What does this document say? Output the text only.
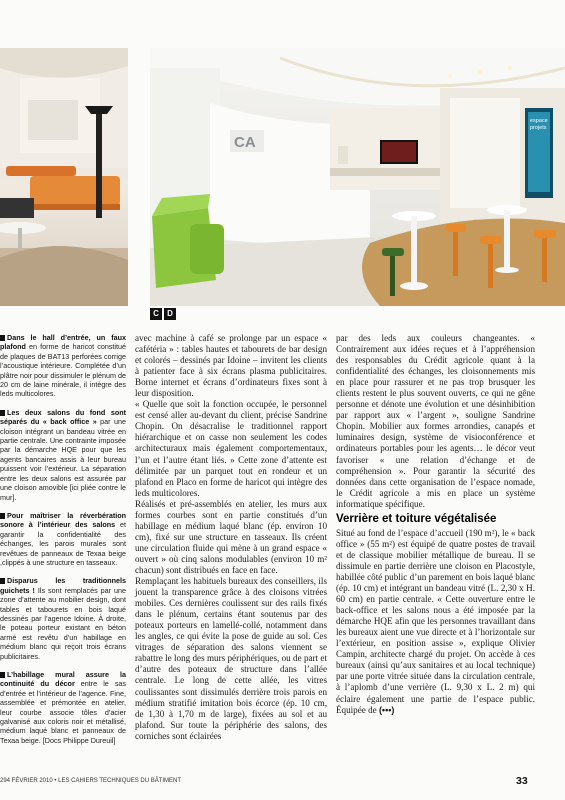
CA
espace
projets
C	D
Dans le hall d’entrée, un faux plafond en forme de haricot constitué de plaques de BAT13 perforées corrige l’acoustique intérieure. Complétée d’un plâtre noir pour dissimuler le plénum de 20 cm de laine minérale, il intègre des leds multicolores.
Les deux salons du fond sont séparés du « back office » par une cloison intégrant un bandeau vitrée en partie centrale. Une contrainte imposée par la démarche HQE pour que les agents bancaires assis à leur bureau puissent voir l’extérieur. La séparation entre les deux salons est assurée par une cloison amovible [ici pliée contre le mur].
Pour maîtriser la réverbération sonore à l’intérieur des salons et garantir la confidentialité des échanges, les parois murales sont revêtues de panneaux de Texaa beige ,clippés à une structure en tasseaux.
Disparus les traditionnels guichets ! Ils sont remplacés par une zone d’attente au mobilier design, dont tables et tabourets en bois laqué dessinés par l’agence Idoine. À droite, le poteau porteur existant en béton armé est revêtu d’un habillage en médium blanc qui reçoit trois écrans publicitaires.
L’habillage mural assure la continuité du décor entre le sas d’entrée et l’intérieur de l’agence. Fine, assemblée et prémontée en atelier, leur courbe associe tôles d’acier galvanisé aux coloris noir et métallisé, médium laqué blanc et panneaux de Texaa beige. [Docs Philippe Dureuil]

avec machine à café se prolonge par un espace « cafétéria » : tables hautes et tabourets de bar design et colorés – dessinés par Idoine – invitent les clients à patienter face à six écrans plasma publicitaires. Borne internet et écrans d’ordinateurs fixes sont à leur disposition.

« Quelle que soit la fonction occupée, le personnel est censé aller au-devant du client, précise Sandrine Chopin. On désacralise le traditionnel rapport hiérarchique et on casse non seulement les codes architecturaux mais également comportementaux, l’un et l’autre étant liés. » Cette zone d’attente est délimitée par un parquet tout en rondeur et un plafond en Placo en forme de haricot qui intègre des leds multicolores.

Réalisés et pré-assemblés en atelier, les murs aux formes courbes sont en partie constitués d’un habillage en médium laqué blanc (ép. environ 10 cm), fixé sur une structure en tasseaux. Ils créent une circulation fluide qui mène à un grand espace « ouvert » où cinq salons modulables (environ 10 m² chacun) sont distribués en face en face.

Remplaçant les habituels bureaux des conseillers, ils jouent la transparence grâce à des cloisons vitrées mobiles. Ces dernières coulissent sur des rails fixés dans le plénum, certains étant soutenus par des poteaux porteurs en lamellé-collé, notamment dans les angles, ce qui évite la pose de guide au sol. Ces vitrages de séparation des salons viennent se rabattre le long des murs périphériques, ou de part et d’autre des poteaux de structure dans l’allée centrale. Le long de cette allée, les vitres coulissantes sont dissimulés derrière trois parois en médium stratifié imitation bois écorce (ép. 10 cm, de 1,30 à 1,70 m de large), fixées au sol et au plafond. Sur toute la périphérie des salons, des corniches sont éclairées

par des leds aux couleurs changeantes. « Contrairement aux idées reçues et à l’appréhension des responsables du Crédit agricole quant à la confidentialité des échanges, les cloisonnements mis en place pour rassurer et ne pas trop brusquer les clients restent le plus souvent ouverts, ce qui ne gêne personne et dénote une évolution et une désinhibition par rapport aux « l’argent », souligne Sandrine Chopin. Mobilier aux formes arrondies, canapés et luminaires design, système de visioconférence et ordinateurs portables pour les agents… le décor veut favoriser « une relation d’échange et de compréhension ». Pour garantir la sécurité des données dans cette organisation de l’espace nomade, le Crédit agricole a mis en place un système informatique spécifique.

Verrière et toiture végétalisée

Situé au fond de l’espace d’accueil (190 m²), le « back office » (55 m²) est équipé de quatre postes de travail et de classique mobilier métallique de bureau. Il se dissimule en partie derrière une cloison en Placostyle, habillée côté public d’un parement en bois laqué blanc (ép. 10 cm) et intégrant un bandeau vitré (L. 2,30 x H. 60 cm) en partie centrale. « Cette ouverture entre le back-office et les salons nous a été imposée par la démarche HQE afin que les personnes travaillant dans les bureaux aient une vue directe et à l’horizontale sur l’extérieur, en position assise », explique Olivier Campin, architecte chargé du projet. On accède à ces bureaux (ainsi qu’aux sanitaires et au local technique) par une porte vitrée située dans la circulation centrale, à l’aplomb d’une verrière (L. 9,30 x L. 2 m) qui éclaire également une partie de l’espace public. Équipée de (•••)

294 FÉVRIER 2010 • LES CAHIERS TECHNIQUES DU BÂTIMENT	33
